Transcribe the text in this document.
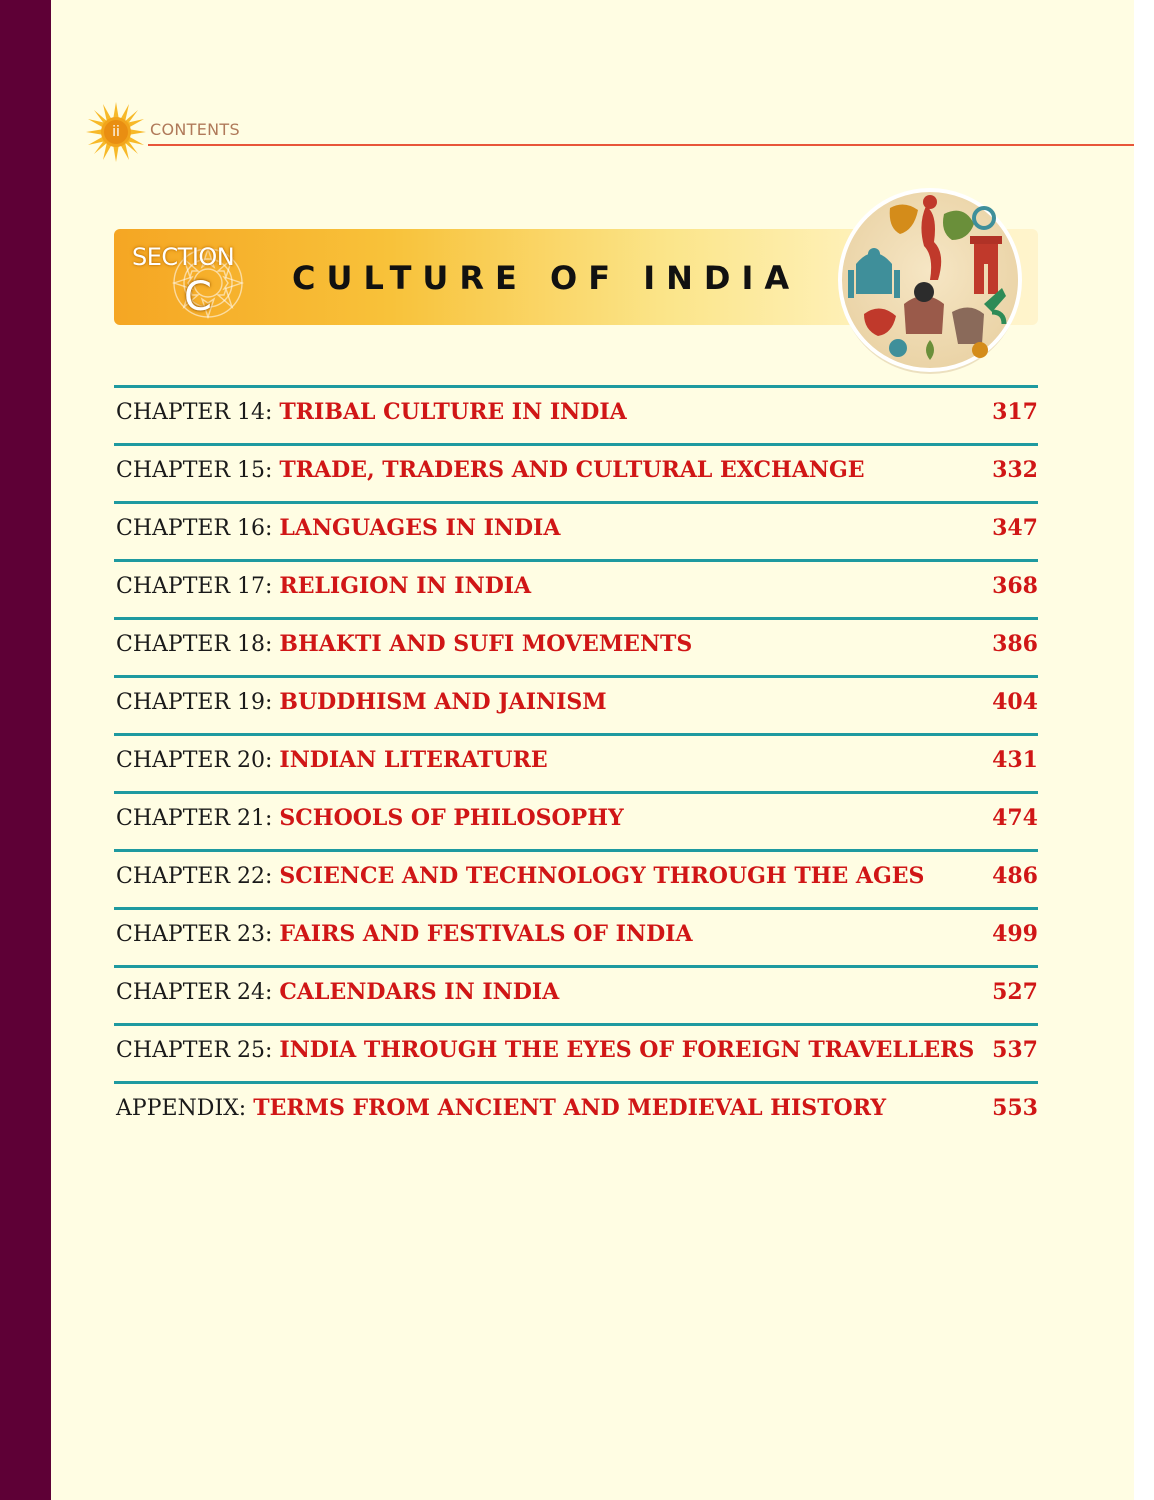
ii	CONTENTS
SECTION
C	CULTURE OF INDIA
CHAPTER 14: TRIBAL CULTURE IN INDIA	317
CHAPTER 15: TRADE, TRADERS AND CULTURAL EXCHANGE	332
CHAPTER 16: LANGUAGES IN INDIA	347
CHAPTER 17: RELIGION IN INDIA	368
CHAPTER 18: BHAKTI AND SUFI MOVEMENTS	386
CHAPTER 19: BUDDHISM AND JAINISM	404
CHAPTER 20: INDIAN LITERATURE	431
CHAPTER 21: SCHOOLS OF PHILOSOPHY	474
CHAPTER 22: SCIENCE AND TECHNOLOGY THROUGH THE AGES	486
CHAPTER 23: FAIRS AND FESTIVALS OF INDIA	499
CHAPTER 24: CALENDARS IN INDIA	527
CHAPTER 25: INDIA THROUGH THE EYES OF FOREIGN TRAVELLERS 537
APPENDIX: TERMS FROM ANCIENT AND MEDIEVAL HISTORY	553
